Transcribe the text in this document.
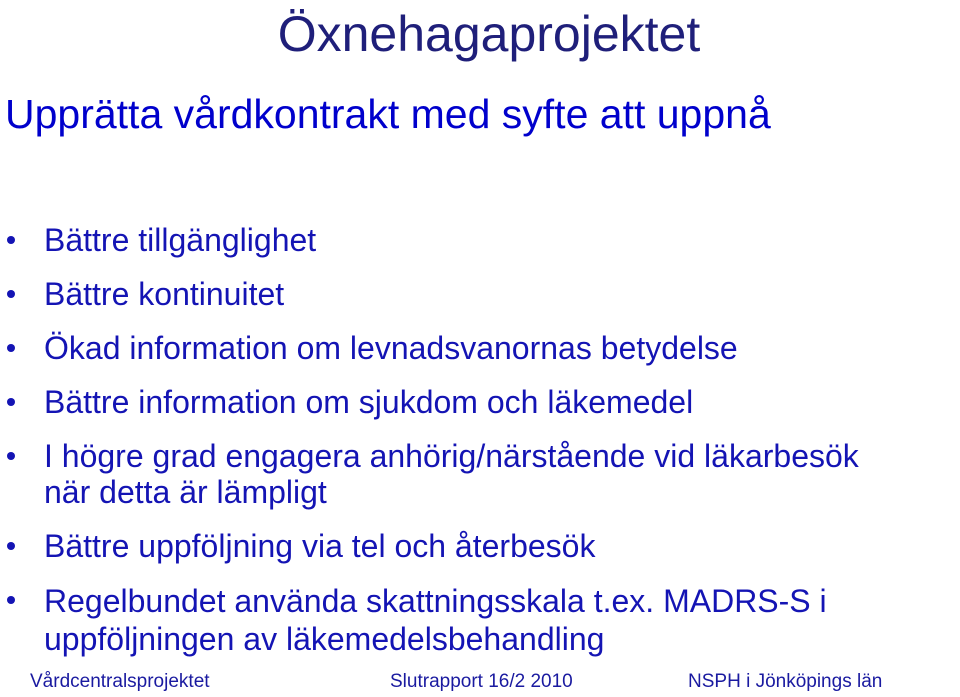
Öxnehagaprojektet
Upprätta vårdkontrakt med syfte att uppnå
Bättre tillgänglighet
Bättre kontinuitet
Ökad information om levnadsvanornas betydelse
Bättre information om sjukdom och läkemedel
I högre grad engagera anhörig/närstående vid läkarbesök när detta är lämpligt
Bättre uppföljning via tel och återbesök
Regelbundet använda skattningsskala t.ex. MADRS-S i uppföljningen av läkemedelsbehandling
Vårdcentralsprojektet	Slutrapport 16/2 2010	NSPH i Jönköpings län
